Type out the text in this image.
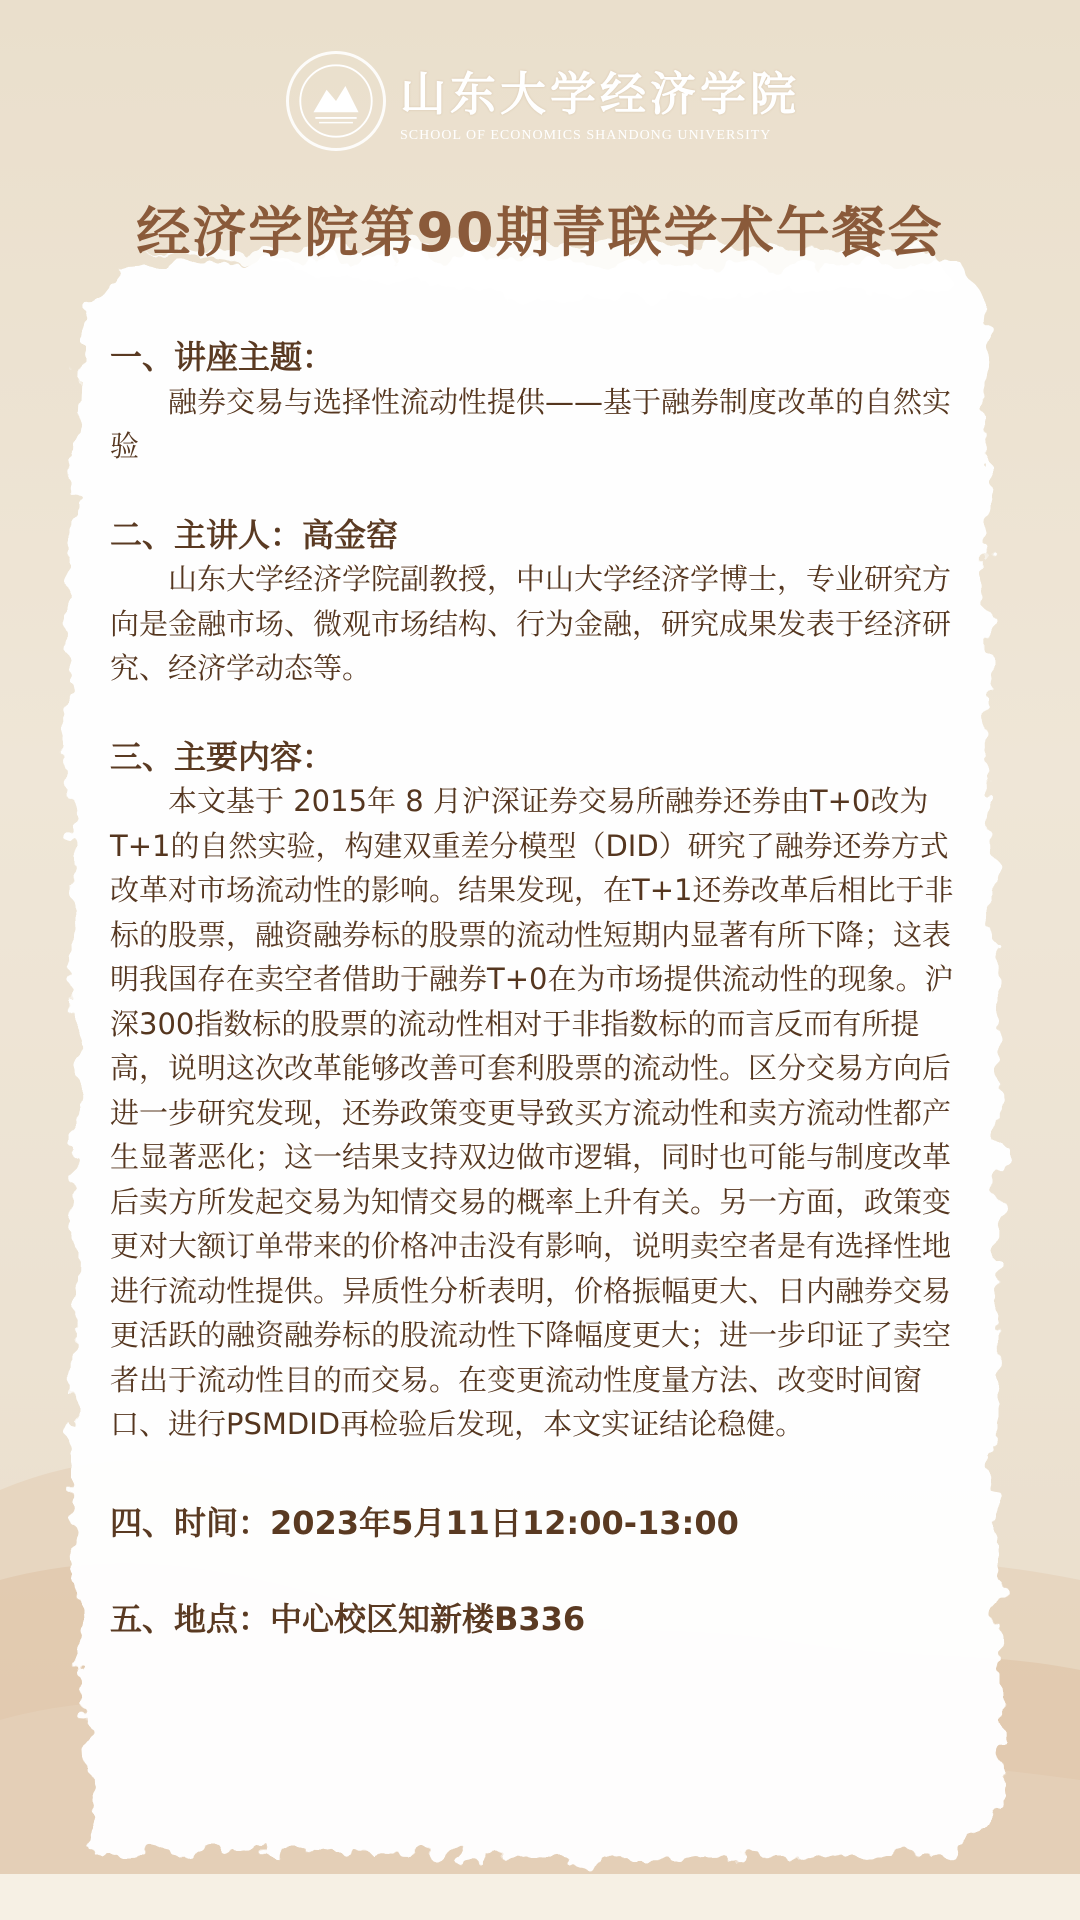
山东大学经济学院
SCHOOL OF ECONOMICS SHANDONG UNIVERSITY
经济学院第90期青联学术午餐会
一、讲座主题：
融券交易与选择性流动性提供——基于融券制度改革的自然实验
二、主讲人：高金窑
山东大学经济学院副教授，中山大学经济学博士，专业研究方向是金融市场、微观市场结构、行为金融，研究成果发表于经济研究、经济学动态等。
三、主要内容：
本文基于 2015年 8 月沪深证券交易所融券还券由T+0改为T+1的自然实验，构建双重差分模型（DID）研究了融券还券方式改革对市场流动性的影响。结果发现，在T+1还券改革后相比于非标的股票，融资融券标的股票的流动性短期内显著有所下降；这表明我国存在卖空者借助于融券T+0在为市场提供流动性的现象。沪深300指数标的股票的流动性相对于非指数标的而言反而有所提高，说明这次改革能够改善可套利股票的流动性。区分交易方向后进一步研究发现，还券政策变更导致买方流动性和卖方流动性都产生显著恶化；这一结果支持双边做市逻辑，同时也可能与制度改革后卖方所发起交易为知情交易的概率上升有关。另一方面，政策变更对大额订单带来的价格冲击没有影响，说明卖空者是有选择性地进行流动性提供。异质性分析表明，价格振幅更大、日内融券交易更活跃的融资融券标的股流动性下降幅度更大；进一步印证了卖空者出于流动性目的而交易。在变更流动性度量方法、改变时间窗口、进行PSMDID再检验后发现，本文实证结论稳健。
四、时间：2023年5月11日12:00-13:00
五、地点：中心校区知新楼B336
